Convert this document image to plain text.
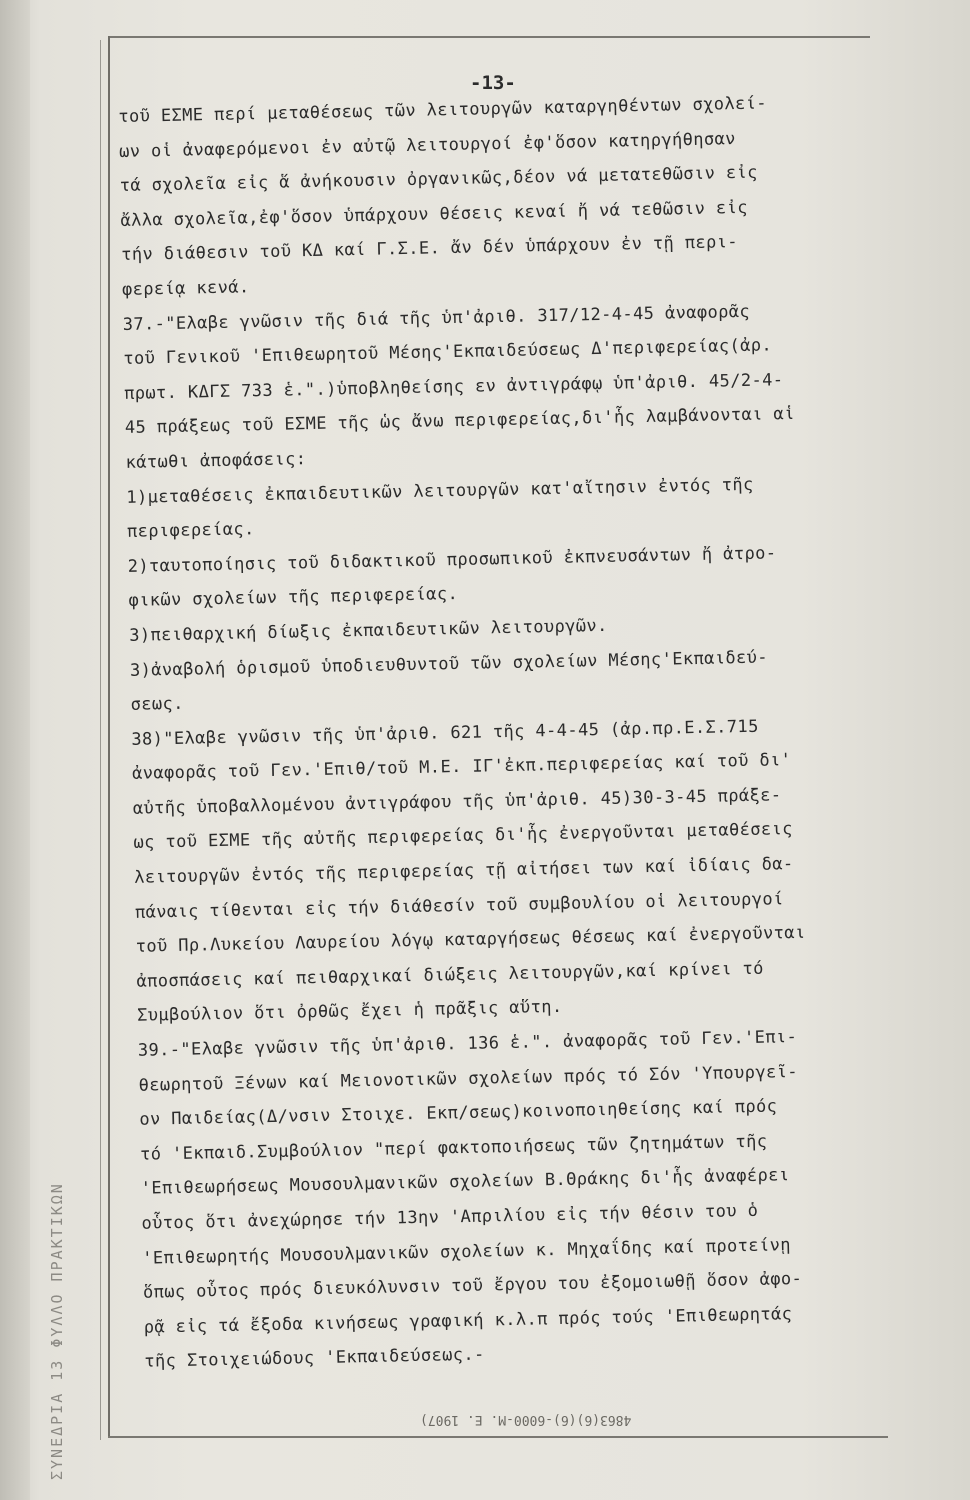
ΣΥΝΕΔΡΙΑ 13 ΦΥΛΛΟ ΠΡΑΚΤΙΚΩΝ
-13-
τοῦ ΕΣΜΕ περί μεταθέσεως τῶν λειτουργῶν καταργηθέντων σχολεί-
ων οἱ ἀναφερόμενοι ἐν αὐτῷ λειτουργοί ἐφ'ὅσον κατηργήθησαν
τά σχολεῖα εἰς ἅ ἀνήκουσιν ὀργανικῶς,δέον νά μετατεθῶσιν εἰς
ἄλλα σχολεῖα,ἐφ'ὅσον ὑπάρχουν θέσεις κεναί ἤ νά τεθῶσιν εἰς
τήν διάθεσιν τοῦ ΚΔ καί Γ.Σ.Ε. ἄν δέν ὑπάρχουν ἐν τῇ περι-
φερείᾳ κενά.
37.-"Ελαβε γνῶσιν τῆς διά τῆς ὑπ'ἀριθ. 317/12-4-45 ἀναφορᾶς
τοῦ Γενικοῦ 'Επιθεωρητοῦ Μέσης'Εκπαιδεύσεως Δ'περιφερείας(ἀρ.
πρωτ. ΚΔΓΣ 733 ἑ.".)ὑποβληθείσης εν ἀντιγράφῳ ὑπ'ἀριθ. 45/2-4-
45 πράξεως τοῦ ΕΣΜΕ τῆς ὡς ἄνω περιφερείας,δι'ἧς λαμβάνονται αἱ
κάτωθι ἀποφάσεις:
1)μεταθέσεις ἐκπαιδευτικῶν λειτουργῶν κατ'αἴτησιν ἐντός τῆς
περιφερείας.
2)ταυτοποίησις τοῦ διδακτικοῦ προσωπικοῦ ἐκπνευσάντων ἤ ἀτρο-
φικῶν σχολείων τῆς περιφερείας.
3)πειθαρχική δίωξις ἐκπαιδευτικῶν λειτουργῶν.
3)ἀναβολή ὁρισμοῦ ὑποδιευθυντοῦ τῶν σχολείων Μέσης'Εκπαιδεύ-
σεως.
38)"Ελαβε γνῶσιν τῆς ὑπ'ἀριθ. 621 τῆς 4-4-45 (ἀρ.πρ.Ε.Σ.715
ἀναφορᾶς τοῦ Γεν.'Επιθ/τοῦ Μ.Ε. ΙΓ'ἐκπ.περιφερείας καί τοῦ δι'
αὐτῆς ὑποβαλλομένου ἀντιγράφου τῆς ὑπ'ἀριθ. 45)30-3-45 πράξε-
ως τοῦ ΕΣΜΕ τῆς αὐτῆς περιφερείας δι'ἧς ἐνεργοῦνται μεταθέσεις
λειτουργῶν ἐντός τῆς περιφερείας τῇ αἰτήσει των καί ἰδίαις δα-
πάναις τίθενται εἰς τήν διάθεσίν τοῦ συμβουλίου οἱ λειτουργοί
τοῦ Πρ.Λυκείου Λαυρείου λόγῳ καταργήσεως θέσεως καί ἐνεργοῦνται
ἀποσπάσεις καί πειθαρχικαί διώξεις λειτουργῶν,καί κρίνει τό
Συμβούλιον ὅτι ὀρθῶς ἔχει ἡ πρᾶξις αὕτη.
39.-"Ελαβε γνῶσιν τῆς ὑπ'ἀριθ. 136 ἑ.". ἀναφορᾶς τοῦ Γεν.'Επι-
θεωρητοῦ Ξένων καί Μειονοτικῶν σχολείων πρός τό Σόν 'Υπουργεῖ-
ον Παιδείας(Δ/νσιν Στοιχε. Εκπ/σεως)κοινοποιηθείσης καί πρός
τό 'Εκπαιδ.Συμβούλιον "περί φακτοποιήσεως τῶν ζητημάτων τῆς
'Επιθεωρήσεως Μουσουλμανικῶν σχολείων Β.Θράκης δι'ἧς ἀναφέρει
οὗτος ὅτι ἀνεχώρησε τήν 13ην 'Απριλίου εἰς τήν θέσιν του ὁ
'Επιθεωρητής Μουσουλμανικῶν σχολείων κ. Μηχαΐδης καί προτείνῃ
ὅπως οὗτος πρός διευκόλυνσιν τοῦ ἔργου του ἐξομοιωθῇ ὅσον ἀφο-
ρᾷ εἰς τά ἔξοδα κινήσεως γραφική κ.λ.π πρός τούς 'Επιθεωρητάς
τῆς Στοιχειώδους 'Εκπαιδεύσεως.-
4863(6)(6)-6000-Μ. Ε. 1907)
